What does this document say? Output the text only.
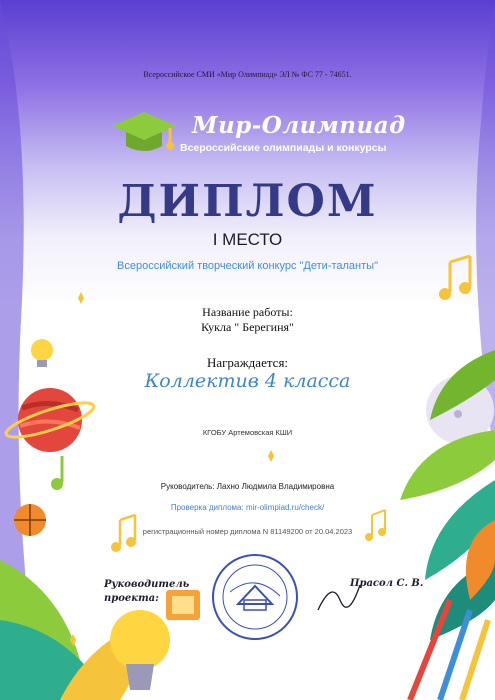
Всероссийское СМИ «Мир Олимпиад» ЭЛ № ФС 77 - 74651.
Мир-Олимпиад
Всероссийские олимпиады и конкурсы
ДИПЛОМ
I МЕСТО
Всероссийский творческий конкурс "Дети-таланты"
Название работы:
Кукла " Берегиня"
Награждается:
Коллектив 4 класса
КГОБУ Артемовская КШИ
Руководитель: Лахно Людмила Владимировна
Проверка диплома: mir-olimpiad.ru/check/
регистрационный номер диплома N 81149200 от 20.04.2023
Руководитель
проекта:
Прасол С. В.
